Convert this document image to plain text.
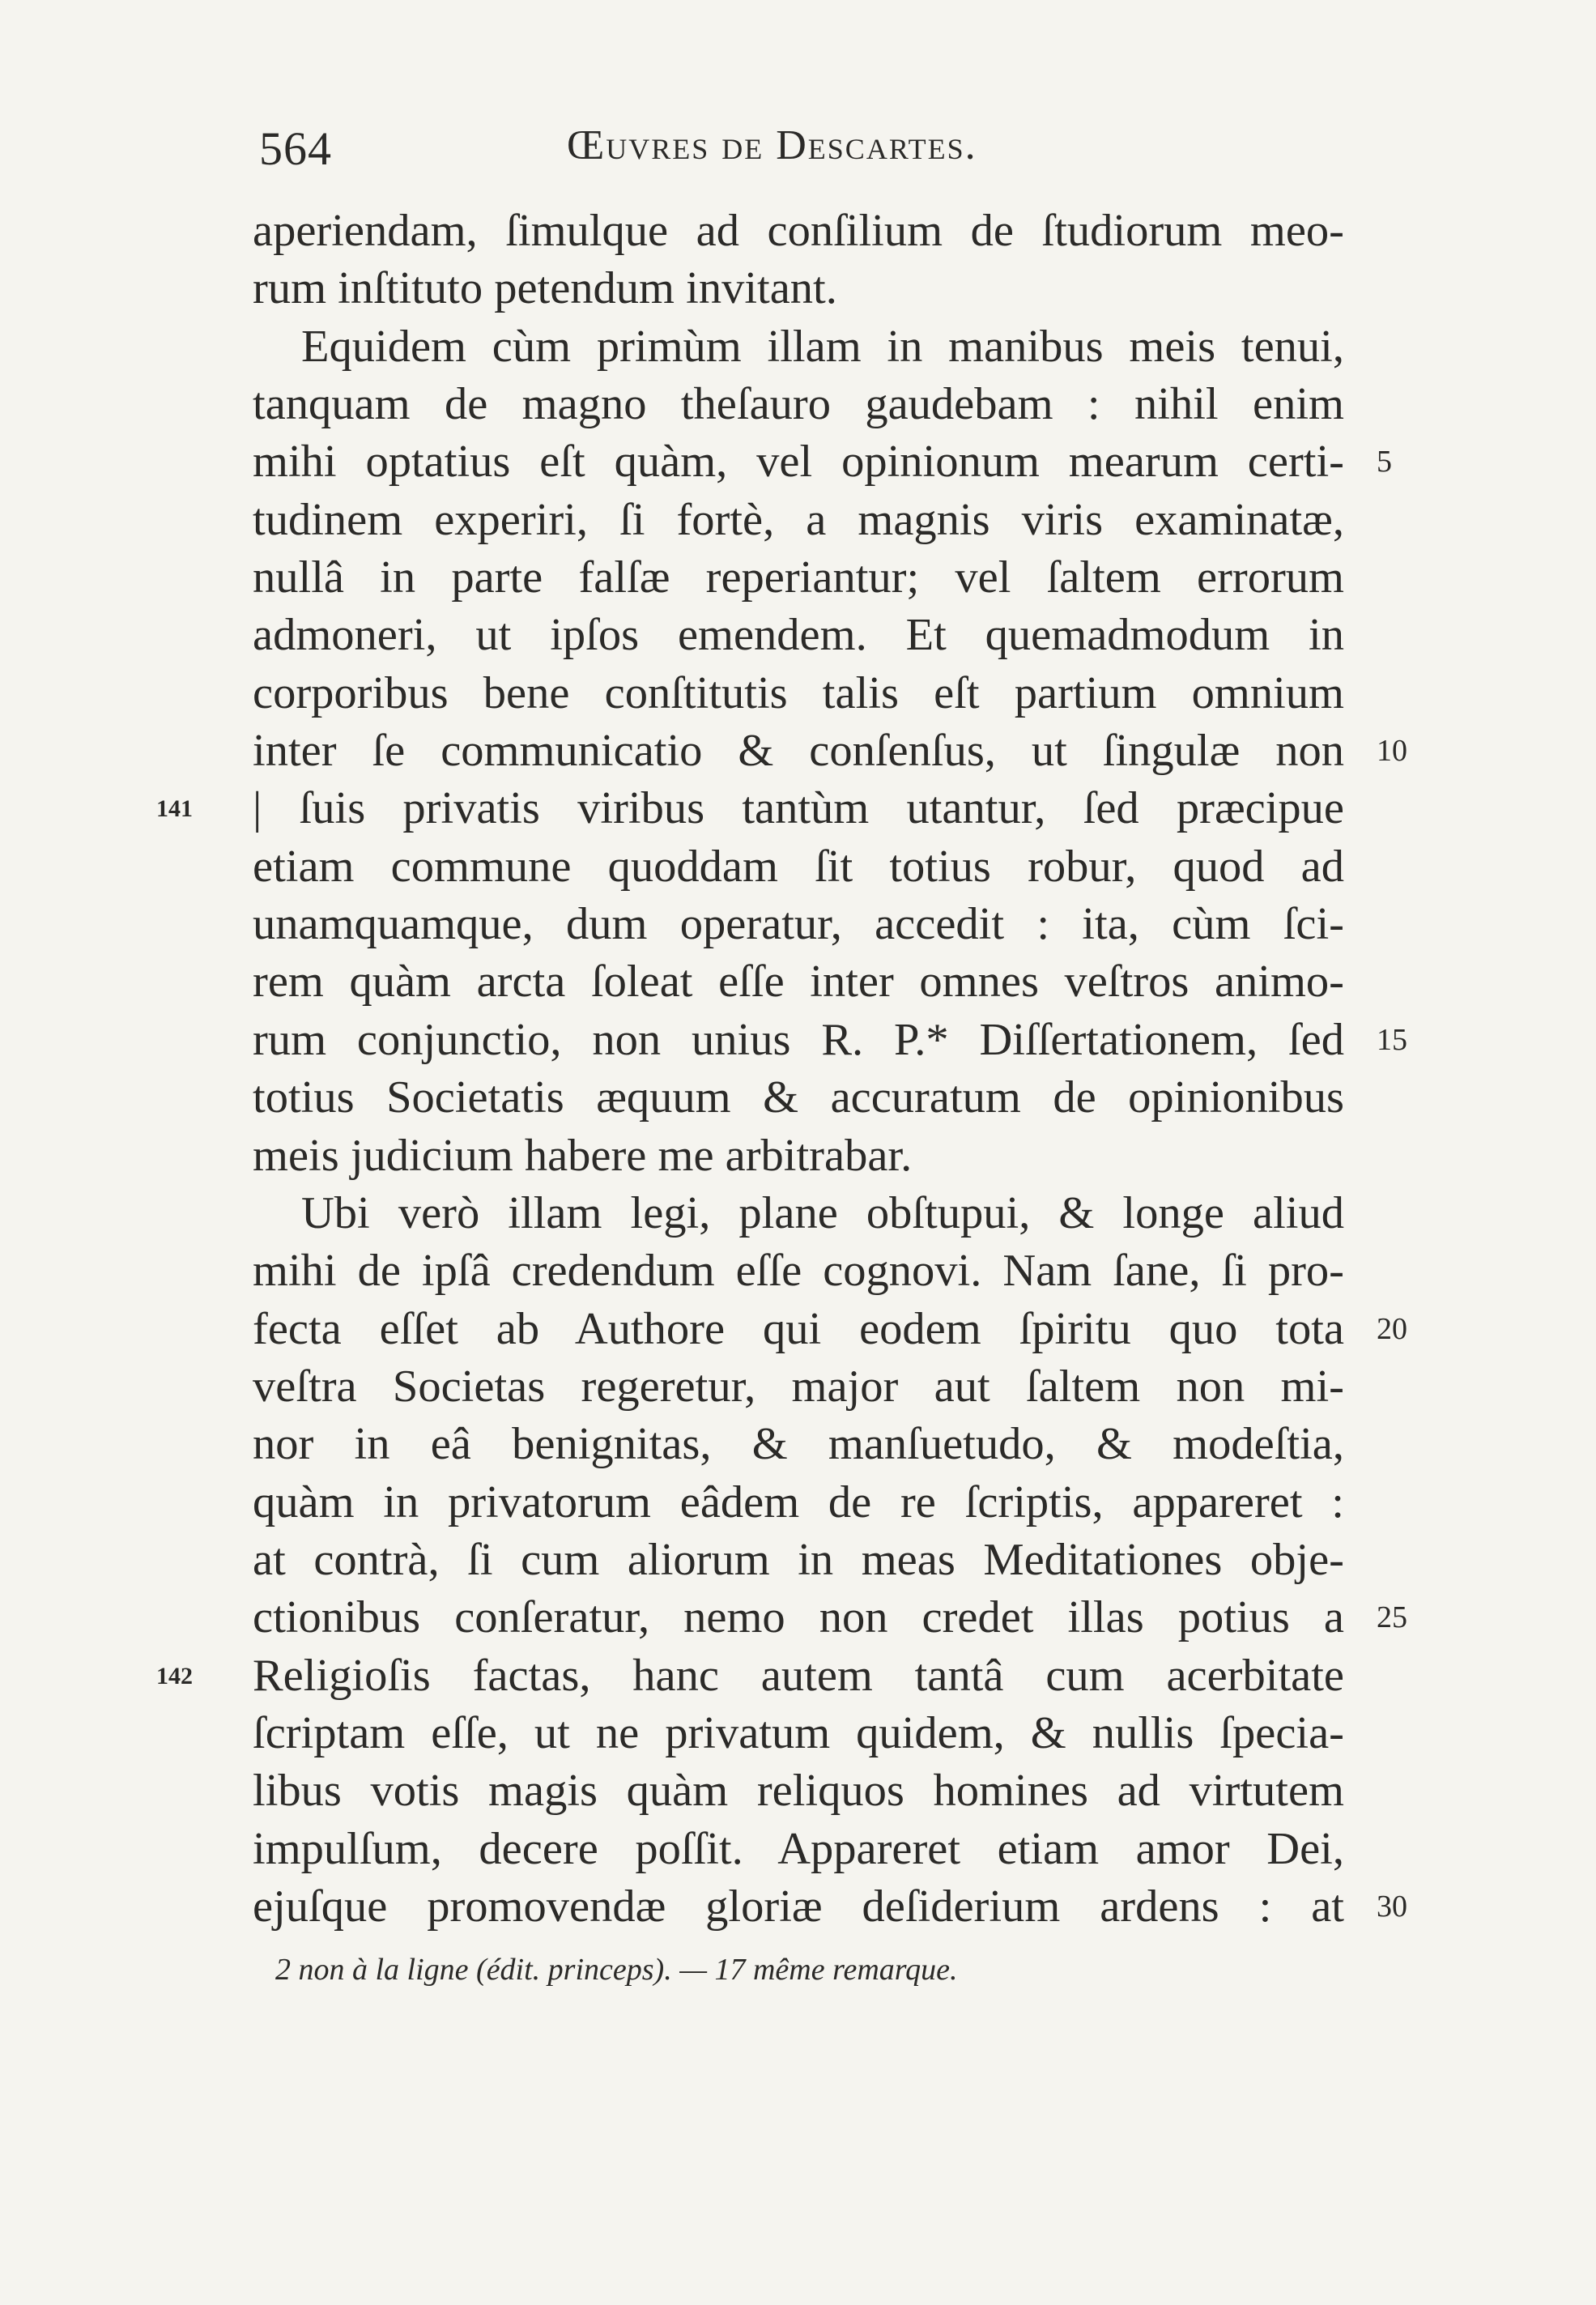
564	Œuvres de Descartes.
141
142
aperiendam, ſimulque ad conſilium de ſtudiorum meo-
rum inſtituto petendum invitant.
Equidem cùm primùm illam in manibus meis tenui,
tanquam de magno theſauro gaudebam : nihil enim
mihi optatius eſt quàm, vel opinionum mearum certi-
tudinem experiri, ſi fortè, a magnis viris examinatæ,
nullâ in parte falſæ reperiantur; vel ſaltem errorum
admoneri, ut ipſos emendem. Et quemadmodum in
corporibus bene conſtitutis talis eſt partium omnium
inter ſe communicatio & conſenſus, ut ſingulæ non
| ſuis privatis viribus tantùm utantur, ſed præcipue
etiam commune quoddam ſit totius robur, quod ad
unamquamque, dum operatur, accedit : ita, cùm ſci-
rem quàm arcta ſoleat eſſe inter omnes veſtros animo-
rum conjunctio, non unius R. P.* Diſſertationem, ſed
totius Societatis æquum & accuratum de opinionibus
meis judicium habere me arbitrabar.
Ubi verò illam legi, plane obſtupui, & longe aliud
mihi de ipſâ credendum eſſe cognovi. Nam ſane, ſi pro-
fecta eſſet ab Authore qui eodem ſpiritu quo tota
veſtra Societas regeretur, major aut ſaltem non mi-
nor in eâ benignitas, & manſuetudo, & modeſtia,
quàm in privatorum eâdem de re ſcriptis, appareret :
at contrà, ſi cum aliorum in meas Meditationes obje-
ctionibus conſeratur, nemo non credet illas potius a
Religioſis factas, hanc autem tantâ cum acerbitate
ſcriptam eſſe, ut ne privatum quidem, & nullis ſpecia-
libus votis magis quàm reliquos homines ad virtutem
impulſum, decere poſſit. Appareret etiam amor Dei,
ejuſque promovendæ gloriæ deſiderium ardens : at
5
10
15
20
25
30
2 non à la ligne (édit. princeps). — 17 même remarque.
